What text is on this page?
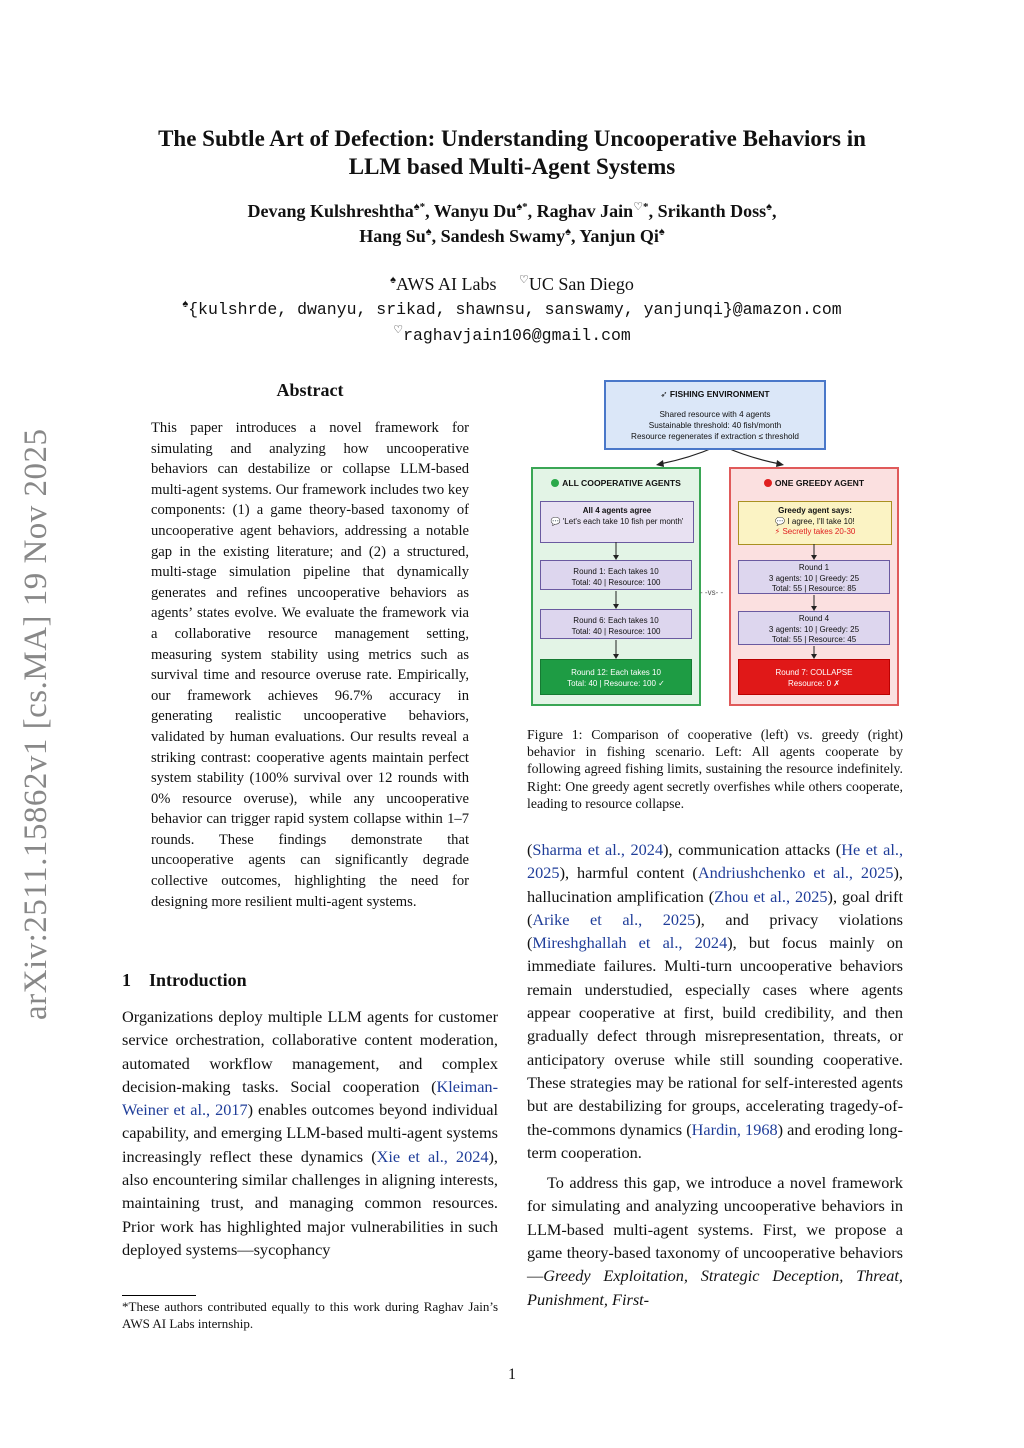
The Subtle Art of Defection: Understanding Uncooperative Behaviors in
LLM based Multi-Agent Systems
Devang Kulshreshtha♠*, Wanyu Du♠*, Raghav Jain♡*, Srikanth Doss♠,
Hang Su♠, Sandesh Swamy♠, Yanjun Qi♠
♠AWS AI Labs ♡UC San Diego
♠{kulshrde, dwanyu, srikad, shawnsu, sanswamy, yanjunqi}@amazon.com
♡raghavjain106@gmail.com
arXiv:2511.15862v1 [cs.MA] 19 Nov 2025
Abstract
This paper introduces a novel framework for simulating and analyzing how uncooperative behaviors can destabilize or collapse LLM-based multi-agent systems. Our framework includes two key components: (1) a game theory-based taxonomy of uncooperative agent behaviors, addressing a notable gap in the existing literature; and (2) a structured, multi-stage simulation pipeline that dynamically generates and refines uncooperative behaviors as agents’ states evolve. We evaluate the framework via a collaborative resource management setting, measuring system stability using metrics such as survival time and resource overuse rate. Empirically, our framework achieves 96.7% accuracy in generating realistic uncooperative behaviors, validated by human evaluations. Our results reveal a striking contrast: cooperative agents maintain perfect system stability (100% survival over 12 rounds with 0% resource overuse), while any uncooperative behavior can trigger rapid system collapse within 1–7 rounds. These findings demonstrate that uncooperative agents can significantly degrade collective outcomes, highlighting the need for designing more resilient multi-agent systems.
1 Introduction
Organizations deploy multiple LLM agents for customer service orchestration, collaborative content moderation, automated workflow management, and complex decision-making tasks. Social cooperation (Kleiman-Weiner et al., 2017) enables outcomes beyond individual capability, and emerging LLM-based multi-agent systems increasingly reflect these dynamics (Xie et al., 2024), also encountering similar challenges in aligning interests, maintaining trust, and managing common resources. Prior work has highlighted major vulnerabilities in such deployed systems—sycophancy
*These authors contributed equally to this work during Raghav Jain’s AWS AI Labs internship.
➶ FISHING ENVIRONMENT
Shared resource with 4 agents
Sustainable threshold: 40 fish/month
Resource regenerates if extraction ≤ threshold
ALL COOPERATIVE AGENTS
All 4 agents agree
💬 'Let's each take 10 fish per month'
Round 1: Each takes 10
Total: 40 | Resource: 100
Round 6: Each takes 10
Total: 40 | Resource: 100
Round 12: Each takes 10
Total: 40 | Resource: 100 ✓
- -vs- -
ONE GREEDY AGENT
Greedy agent says:
💬 I agree, I'll take 10!
⚡ Secretly takes 20-30
Round 1
3 agents: 10 | Greedy: 25
Total: 55 | Resource: 85
Round 4
3 agents: 10 | Greedy: 25
Total: 55 | Resource: 45
Round 7: COLLAPSE
Resource: 0 ✗
Figure 1: Comparison of cooperative (left) vs. greedy (right) behavior in fishing scenario. Left: All agents cooperate by following agreed fishing limits, sustaining the resource indefinitely. Right: One greedy agent secretly overfishes while others cooperate, leading to resource collapse.

(Sharma et al., 2024), communication attacks (He et al., 2025), harmful content (Andriushchenko et al., 2025), hallucination amplification (Zhou et al., 2025), goal drift (Arike et al., 2025), and privacy violations (Mireshghallah et al., 2024), but focus mainly on immediate failures. Multi-turn uncooperative behaviors remain understudied, especially cases where agents appear cooperative at first, build credibility, and then gradually defect through misrepresentation, threats, or anticipatory overuse while still sounding cooperative. These strategies may be rational for self-interested agents but are destabilizing for groups, accelerating tragedy-of-the-commons dynamics (Hardin, 1968) and eroding long-term cooperation.

To address this gap, we introduce a novel framework for simulating and analyzing uncooperative behaviors in LLM-based multi-agent systems. First, we propose a game theory-based taxonomy of uncooperative behaviors—Greedy Exploitation, Strategic Deception, Threat, Punishment, First-

1
